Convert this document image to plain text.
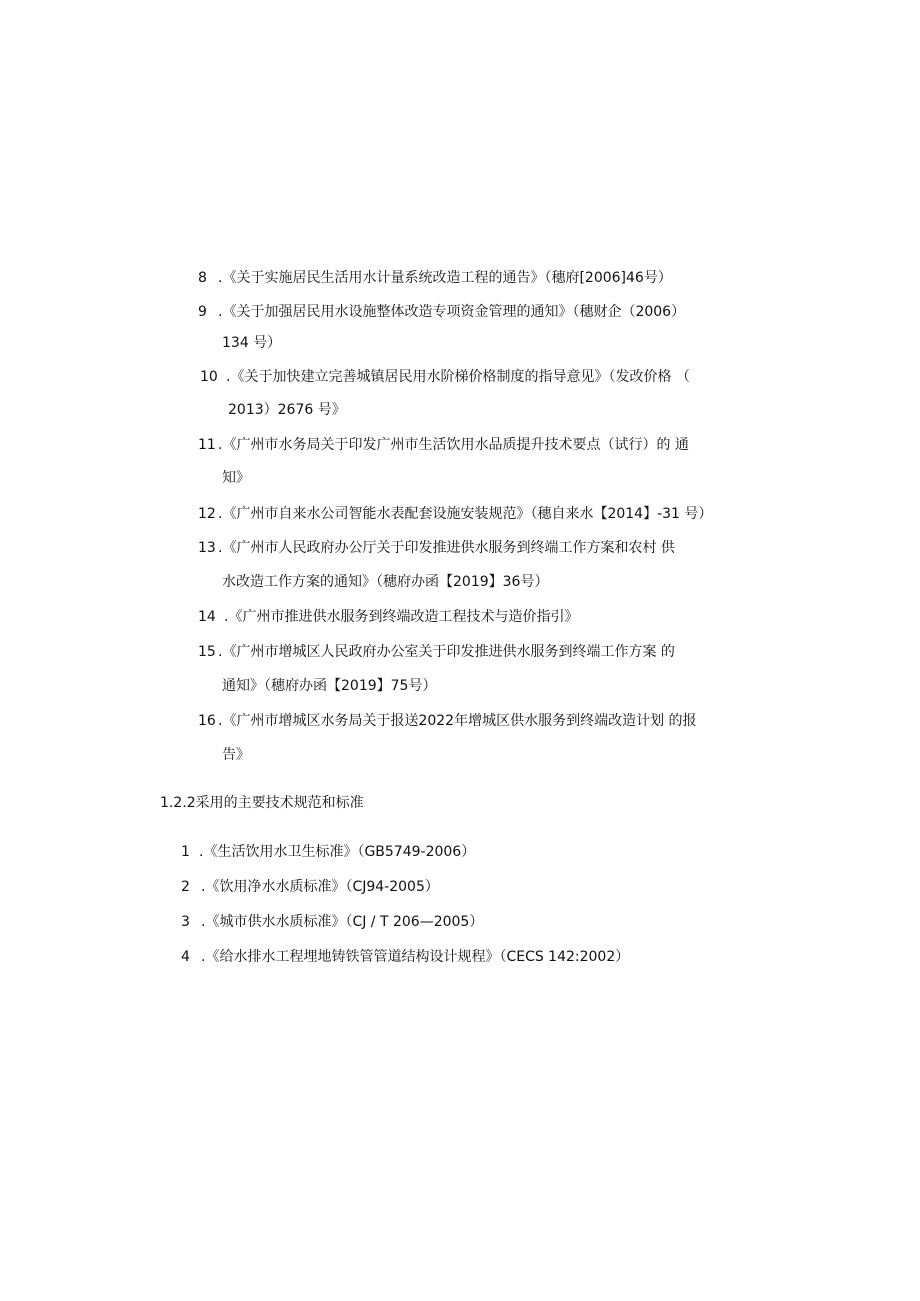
8 .《关于实施居民生活用水计量系统改造工程的通告》（穗府[2006]46号）
9 .《关于加强居民用水设施整体改造专项资金管理的通知》（穗财企（2006）
134 号）
10 .《关于加快建立完善城镇居民用水阶梯价格制度的指导意见》（发改价格 （
2013）2676 号》
11 .《广州市水务局关于印发广州市生活饮用水品质提升技术要点（试行）的 通
知》
12 .《广州市自来水公司智能水表配套设施安装规范》（穗自来水【2014】-31 号）
13 .《广州市人民政府办公厅关于印发推进供水服务到终端工作方案和农村 供
水改造工作方案的通知》（穗府办函【2019】36号）
14 .《广州市推进供水服务到终端改造工程技术与造价指引》
15 .《广州市增城区人民政府办公室关于印发推进供水服务到终端工作方案 的
通知》（穗府办函【2019】75号）
16 .《广州市增城区水务局关于报送2022年增城区供水服务到终端改造计划 的报
告》
1.2.2采用的主要技术规范和标准
1 .《生活饮用水卫生标准》（GB5749-2006）
2 .《饮用净水水质标准》（CJ94-2005）
3 .《城市供水水质标准》（CJ / T 206—2005）
4 .《给水排水工程埋地铸铁管管道结构设计规程》（CECS 142:2002）
